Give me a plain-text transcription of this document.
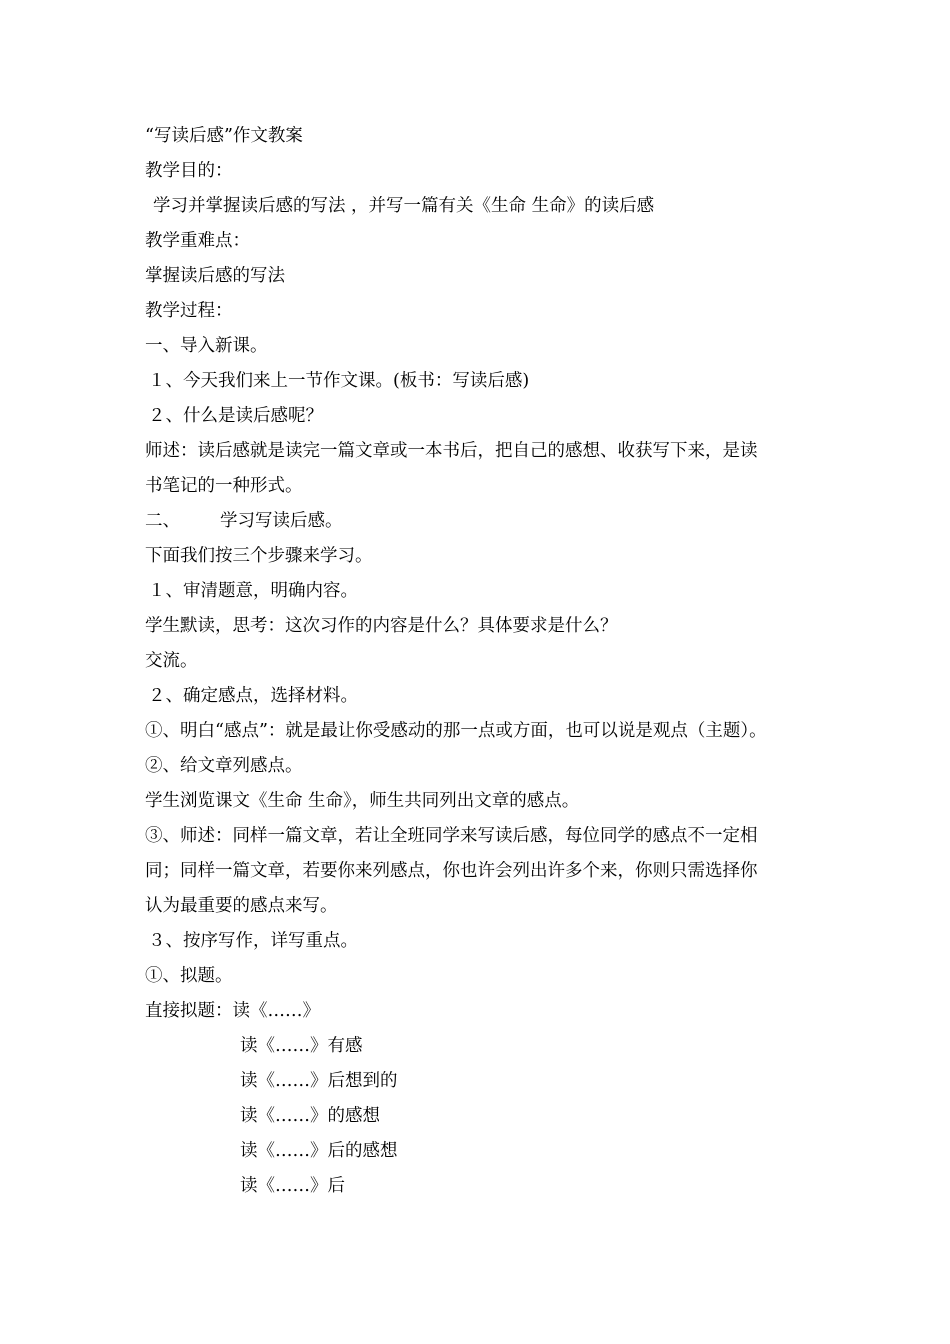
“写读后感”作文教案
教学目的：
学习并掌握读后感的写法 ，并写一篇有关《生命 生命》的读后感
教学重难点：
掌握读后感的写法
教学过程：
一、导入新课。
１、今天我们来上一节作文课。(板书：写读后感)
２、什么是读后感呢？
师述：读后感就是读完一篇文章或一本书后，把自己的感想、收获写下来，是读
书笔记的一种形式。
二、 学习写读后感。
下面我们按三个步骤来学习。
１、审清题意，明确内容。
学生默读，思考：这次习作的内容是什么？具体要求是什么？
交流。
２、确定感点，选择材料。
①、明白“感点”：就是最让你受感动的那一点或方面，也可以说是观点（主题）。
②、给文章列感点。
学生浏览课文《生命 生命》，师生共同列出文章的感点。
③、师述：同样一篇文章，若让全班同学来写读后感，每位同学的感点不一定相
同；同样一篇文章，若要你来列感点，你也许会列出许多个来，你则只需选择你
认为最重要的感点来写。
３、按序写作，详写重点。
①、拟题。
直接拟题：读《……》
读《……》有感
读《……》后想到的
读《……》的感想
读《……》后的感想
读《……》后
